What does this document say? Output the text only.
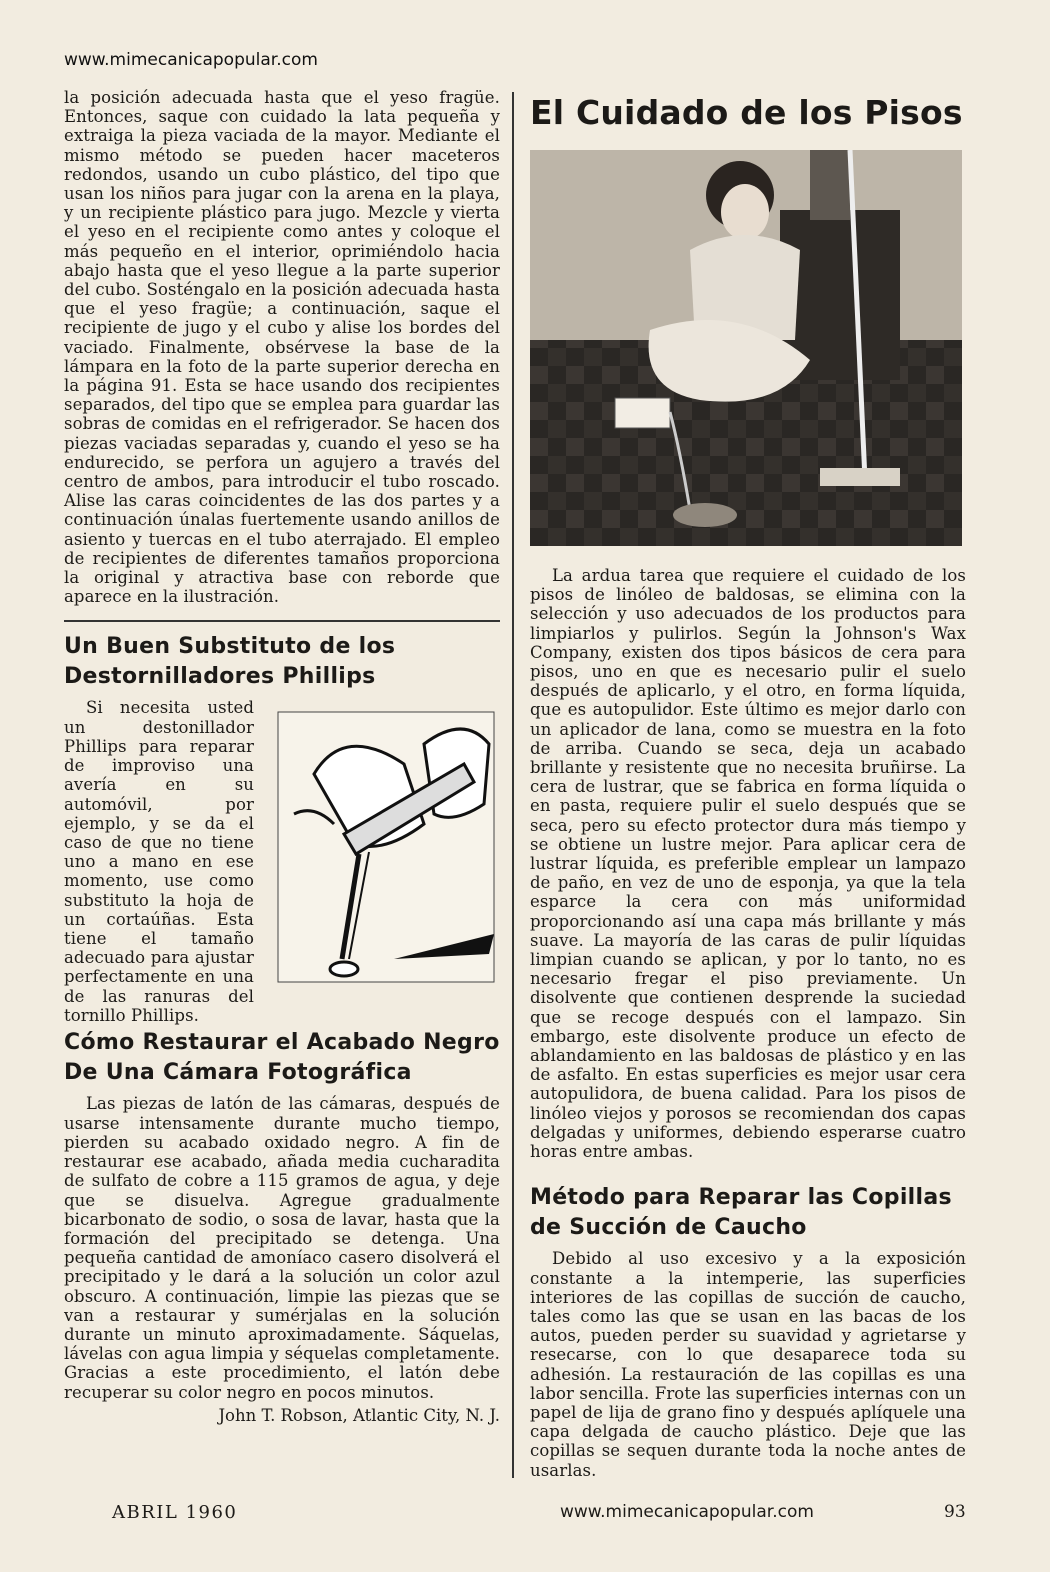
www.mimecanicapopular.com

la posición adecuada hasta que el yeso fragüe. Entonces, saque con cuidado la lata pequeña y extraiga la pieza vaciada de la mayor. Mediante el mismo método se pueden hacer maceteros redondos, usando un cubo plástico, del tipo que usan los niños para jugar con la arena en la playa, y un recipiente plástico para jugo. Mezcle y vierta el yeso en el recipiente como antes y coloque el más pequeño en el interior, oprimiéndolo hacia abajo hasta que el yeso llegue a la parte superior del cubo. Sosténgalo en la posición adecuada hasta que el yeso fragüe; a continuación, saque el recipiente de jugo y el cubo y alise los bordes del vaciado. Finalmente, obsérvese la base de la lámpara en la foto de la parte superior derecha en la página 91. Esta se hace usando dos recipientes separados, del tipo que se emplea para guardar las sobras de comidas en el refrigerador. Se hacen dos piezas vaciadas separadas y, cuando el yeso se ha endurecido, se perfora un agujero a través del centro de ambos, para introducir el tubo roscado. Alise las caras coincidentes de las dos partes y a continuación únalas fuertemente usando anillos de asiento y tuercas en el tubo aterrajado. El empleo de recipientes de diferentes tamaños proporciona la original y atractiva base con reborde que aparece en la ilustración.

Un Buen Substituto de los Destornilladores Phillips

Si necesita usted un destonillador Phillips para reparar de improviso una avería en su automóvil, por ejemplo, y se da el caso de que no tiene uno a mano en ese momento, use como substituto la hoja de un cortaúñas. Esta tiene el tamaño adecuado para ajustar perfectamente en una de las ranuras del tornillo Phillips.

Cómo Restaurar el Acabado Negro De Una Cámara Fotográfica

Las piezas de latón de las cámaras, después de usarse intensamente durante mucho tiempo, pierden su acabado oxidado negro. A fin de restaurar ese acabado, añada media cucharadita de sulfato de cobre a 115 gramos de agua, y deje que se disuelva. Agregue gradualmente bicarbonato de sodio, o sosa de lavar, hasta que la formación del precipitado se detenga. Una pequeña cantidad de amoníaco casero disolverá el precipitado y le dará a la solución un color azul obscuro. A continuación, limpie las piezas que se van a restaurar y sumérjalas en la solución durante un minuto aproximadamente. Sáquelas, lávelas con agua limpia y séquelas completamente. Gracias a este procedimiento, el latón debe recuperar su color negro en pocos minutos.

John T. Robson, Atlantic City, N. J.
El Cuidado de los Pisos

La ardua tarea que requiere el cuidado de los pisos de linóleo de baldosas, se elimina con la selección y uso adecuados de los productos para limpiarlos y pulirlos. Según la Johnson's Wax Company, existen dos tipos básicos de cera para pisos, uno en que es necesario pulir el suelo después de aplicarlo, y el otro, en forma líquida, que es autopulidor. Este último es mejor darlo con un aplicador de lana, como se muestra en la foto de arriba. Cuando se seca, deja un acabado brillante y resistente que no necesita bruñirse. La cera de lustrar, que se fabrica en forma líquida o en pasta, requiere pulir el suelo después que se seca, pero su efecto protector dura más tiempo y se obtiene un lustre mejor. Para aplicar cera de lustrar líquida, es preferible emplear un lampazo de paño, en vez de uno de esponja, ya que la tela esparce la cera con más uniformidad proporcionando así una capa más brillante y más suave. La mayoría de las caras de pulir líquidas limpian cuando se aplican, y por lo tanto, no es necesario fregar el piso previamente. Un disolvente que contienen desprende la suciedad que se recoge después con el lampazo. Sin embargo, este disolvente produce un efecto de ablandamiento en las baldosas de plástico y en las de asfalto. En estas superficies es mejor usar cera autopulidora, de buena calidad. Para los pisos de linóleo viejos y porosos se recomiendan dos capas delgadas y uniformes, debiendo esperarse cuatro horas entre ambas.

Método para Reparar las Copillas de Succión de Caucho

Debido al uso excesivo y a la exposición constante a la intemperie, las superficies interiores de las copillas de succión de caucho, tales como las que se usan en las bacas de los autos, pueden perder su suavidad y agrietarse y resecarse, con lo que desaparece toda su adhesión. La restauración de las copillas es una labor sencilla. Frote las superficies internas con un papel de lija de grano fino y después aplíquele una capa delgada de caucho plástico. Deje que las copillas se sequen durante toda la noche antes de usarlas.

ABRIL 1960	www.mimecanicapopular.com	93
